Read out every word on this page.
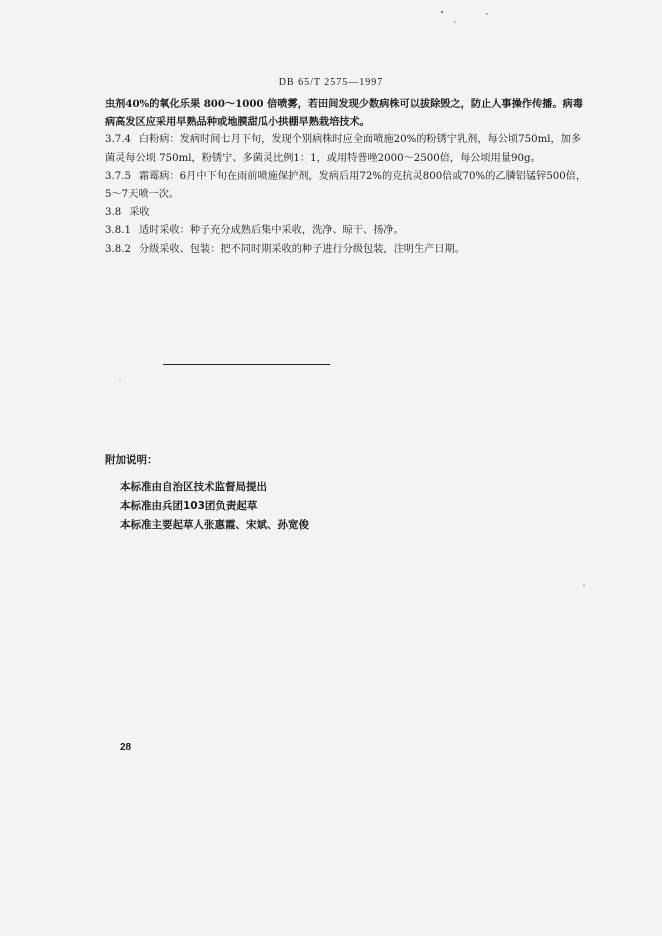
DB 65/T 2575—1997

虫剂40%的氧化乐果 800～1000 倍喷雾，若田间发现少数病株可以拔除毁之，防止人事操作传播。病毒病高发区应采用早熟品种或地膜甜瓜小拱棚早熟栽培技术。

3.7.4 白粉病：发病时间七月下旬，发现个别病株时应全面喷施20%的粉锈宁乳剂，每公顷750ml，加多菌灵每公顷 750ml，粉锈宁、多菌灵比例1：1，或用特普唑2000～2500倍，每公顷用量90g。

3.7.5 霜霉病：6月中下旬在雨前喷施保护剂，发病后用72%的克抗灵800倍或70%的乙膦铝锰锌500倍，5～7天喷一次。

3.8 采收

3.8.1 适时采收：种子充分成熟后集中采收，洗净、晾干、扬净。

3.8.2 分级采收、包装：把不同时期采收的种子进行分级包装，注明生产日期。

附加说明：
本标准由自治区技术监督局提出
本标准由兵团103团负责起草
本标准主要起草人张惠霞、宋斌、孙宽俊
28
